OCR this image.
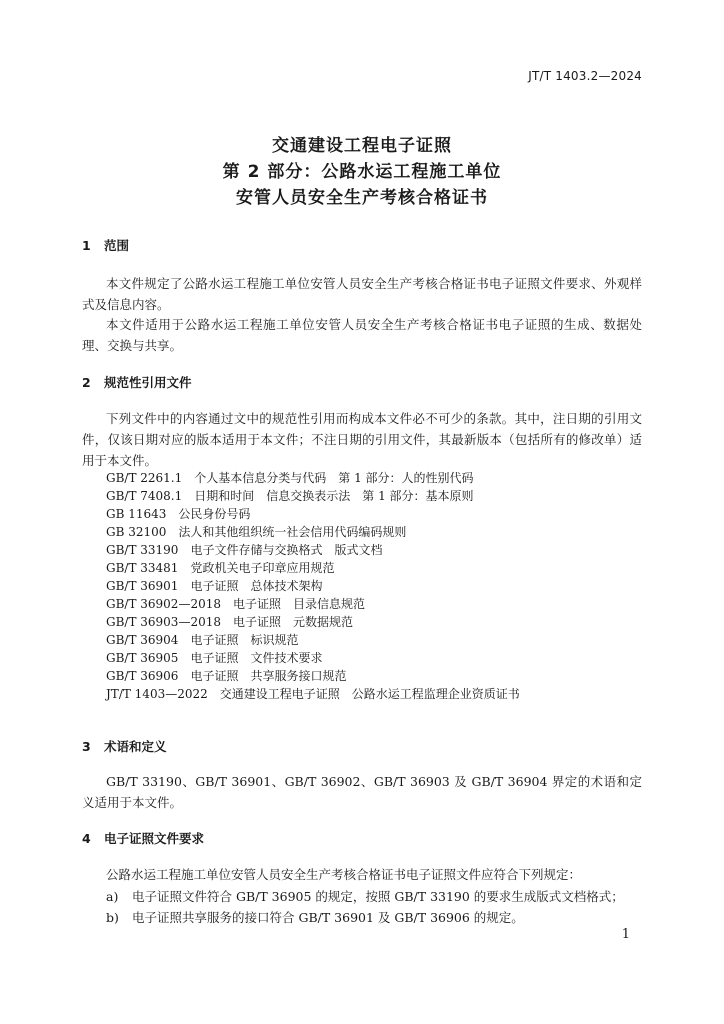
JT/T 1403.2—2024
交通建设工程电子证照
第 2 部分：公路水运工程施工单位
安管人员安全生产考核合格证书
1 范围
本文件规定了公路水运工程施工单位安管人员安全生产考核合格证书电子证照文件要求、外观样式及信息内容。
本文件适用于公路水运工程施工单位安管人员安全生产考核合格证书电子证照的生成、数据处理、交换与共享。
2 规范性引用文件
下列文件中的内容通过文中的规范性引用而构成本文件必不可少的条款。其中，注日期的引用文件，仅该日期对应的版本适用于本文件；不注日期的引用文件，其最新版本（包括所有的修改单）适用于本文件。
GB/T 2261.1 个人基本信息分类与代码　第 1 部分：人的性别代码
GB/T 7408.1 日期和时间　信息交换表示法　第 1 部分：基本原则
GB 11643 公民身份号码
GB 32100 法人和其他组织统一社会信用代码编码规则
GB/T 33190 电子文件存储与交换格式　版式文档
GB/T 33481 党政机关电子印章应用规范
GB/T 36901 电子证照　总体技术架构
GB/T 36902—2018 电子证照　目录信息规范
GB/T 36903—2018 电子证照　元数据规范
GB/T 36904 电子证照　标识规范
GB/T 36905 电子证照　文件技术要求
GB/T 36906 电子证照　共享服务接口规范
JT/T 1403—2022 交通建设工程电子证照　公路水运工程监理企业资质证书
3 术语和定义
GB/T 33190、GB/T 36901、GB/T 36902、GB/T 36903 及 GB/T 36904 界定的术语和定义适用于本文件。
4 电子证照文件要求
公路水运工程施工单位安管人员安全生产考核合格证书电子证照文件应符合下列规定：
a) 电子证照文件符合 GB/T 36905 的规定，按照 GB/T 33190 的要求生成版式文档格式；
b) 电子证照共享服务的接口符合 GB/T 36901 及 GB/T 36906 的规定。
1
